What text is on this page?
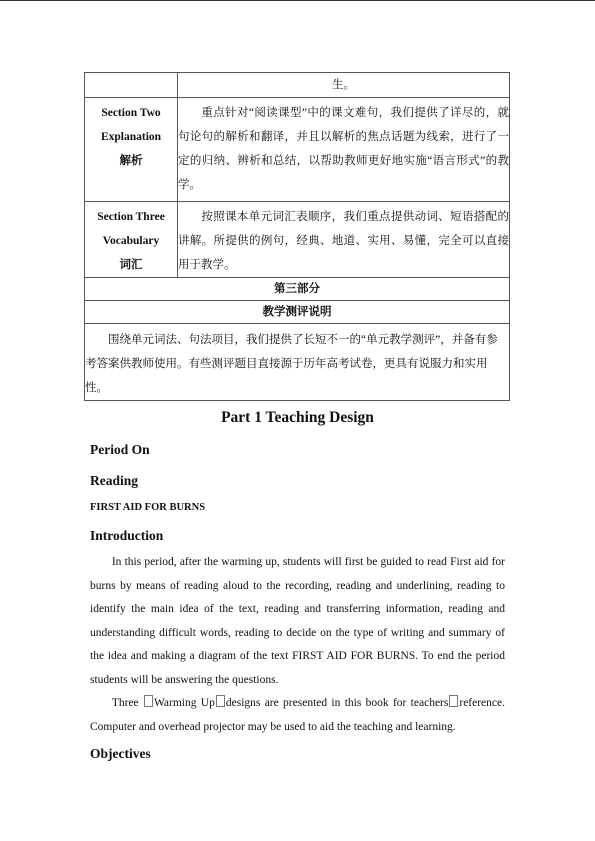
	生。

Section Two
Explanation
解析	重点针对“阅读课型”中的课文难句，我们提供了详尽的，就句论句的解析和翻译，并且以解析的焦点话题为线索，进行了一定的归纳、辨析和总结，以帮助教师更好地实施“语言形式”的教学。

Section Three
Vocabulary
词汇	按照课本单元词汇表顺序，我们重点提供动词、短语搭配的讲解。所提供的例句，经典、地道、实用、易懂，完全可以直接用于教学。
第三部分	
教学测评说明	
围绕单元词法、句法项目，我们提供了长短不一的“单元教学测评”，并备有参考答案供教师使用。有些测评题目直接源于历年高考试卷，更具有说服力和实用性。	
Part 1 Teaching Design
Period On
Reading
FIRST AID FOR BURNS
Introduction
In this period, after the warming up, students will first be guided to read First aid for burns by means of reading aloud to the recording, reading and underlining, reading to identify the main idea of the text, reading and transferring information, reading and understanding difficult words, reading to decide on the type of writing and summary of the idea and making a diagram of the text FIRST AID FOR BURNS. To end the period students will be answering the questions.
Three Warming Up designs are presented in this book for teachers reference. Computer and overhead projector may be used to aid the teaching and learning.
Objectives
